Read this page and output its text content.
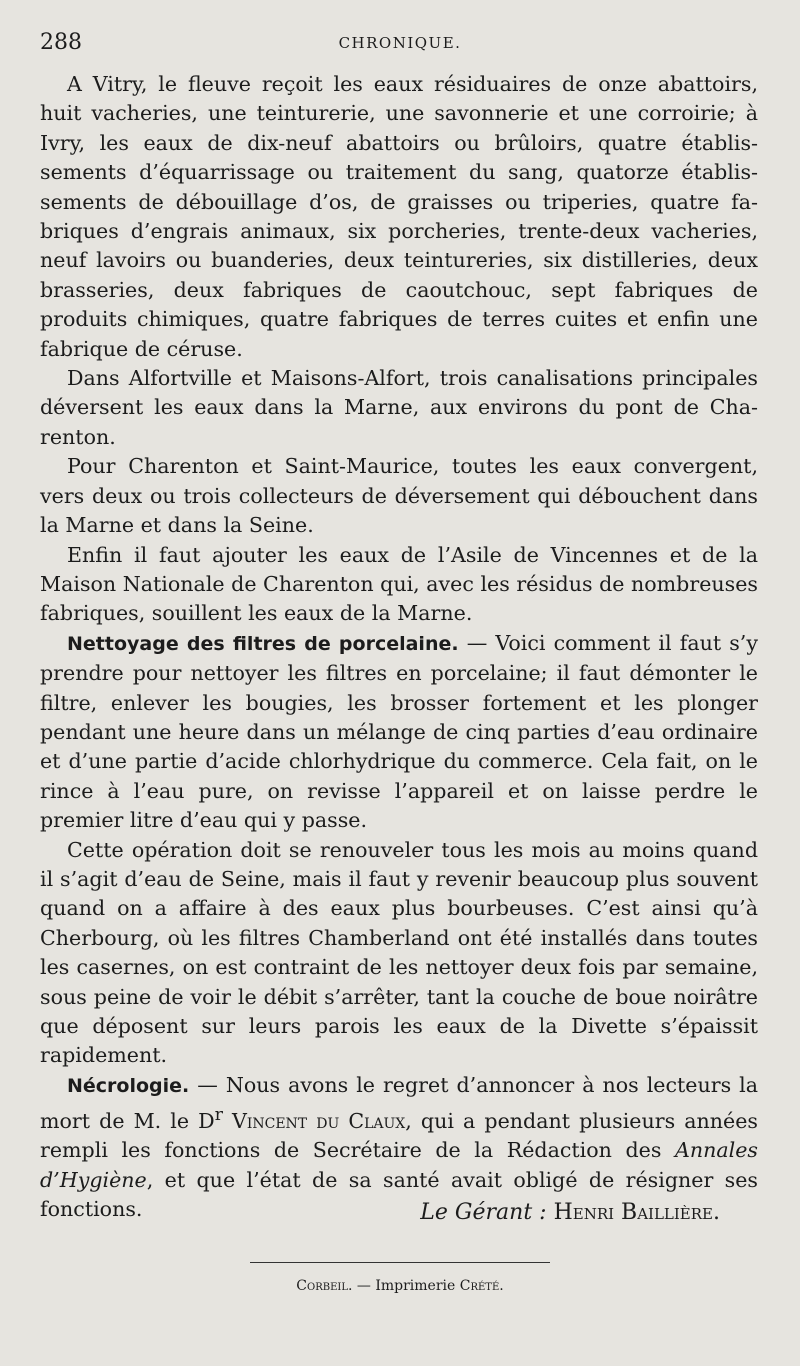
288	CHRONIQUE.

A Vitry, le fleuve reçoit les eaux résiduaires de onze abattoirs, huit vacheries, une teinturerie, une savonnerie et une corroirie; à Ivry, les eaux de dix-neuf abattoirs ou brûloirs, quatre établissements d’équarrissage ou traitement du sang, quatorze établissements de débouillage d’os, de graisses ou triperies, quatre fabriques d’engrais animaux, six porcheries, trente-deux vacheries, neuf lavoirs ou buanderies, deux teintureries, six distilleries, deux brasseries, deux fabriques de caoutchouc, sept fabriques de produits chimiques, quatre fabriques de terres cuites et enfin une fabrique de céruse.

Dans Alfortville et Maisons-Alfort, trois canalisations principales déversent les eaux dans la Marne, aux environs du pont de Charenton.

Pour Charenton et Saint-Maurice, toutes les eaux convergent, vers deux ou trois collecteurs de déversement qui débouchent dans la Marne et dans la Seine.

Enfin il faut ajouter les eaux de l’Asile de Vincennes et de la Maison Nationale de Charenton qui, avec les résidus de nombreuses fabriques, souillent les eaux de la Marne.

Nettoyage des filtres de porcelaine. — Voici comment il faut s’y prendre pour nettoyer les filtres en porcelaine; il faut démonter le filtre, enlever les bougies, les brosser fortement et les plonger pendant une heure dans un mélange de cinq parties d’eau ordinaire et d’une partie d’acide chlorhydrique du commerce. Cela fait, on le rince à l’eau pure, on revisse l’appareil et on laisse perdre le premier litre d’eau qui y passe.

Cette opération doit se renouveler tous les mois au moins quand il s’agit d’eau de Seine, mais il faut y revenir beaucoup plus souvent quand on a affaire à des eaux plus bourbeuses. C’est ainsi qu’à Cherbourg, où les filtres Chamberland ont été installés dans toutes les casernes, on est contraint de les nettoyer deux fois par semaine, sous peine de voir le débit s’arrêter, tant la couche de boue noirâtre que déposent sur leurs parois les eaux de la Divette s’épaissit rapidement.

Nécrologie. — Nous avons le regret d’annoncer à nos lecteurs la mort de M. le $D^r$ Vincent du Claux, qui a pendant plusieurs années rempli les fonctions de Secrétaire de la Rédaction des Annales d’Hygiène, et que l’état de sa santé avait obligé de résigner ses fonctions.	Le Gérant : Henri Baillière.
Corbeil. — Imprimerie Crété.
